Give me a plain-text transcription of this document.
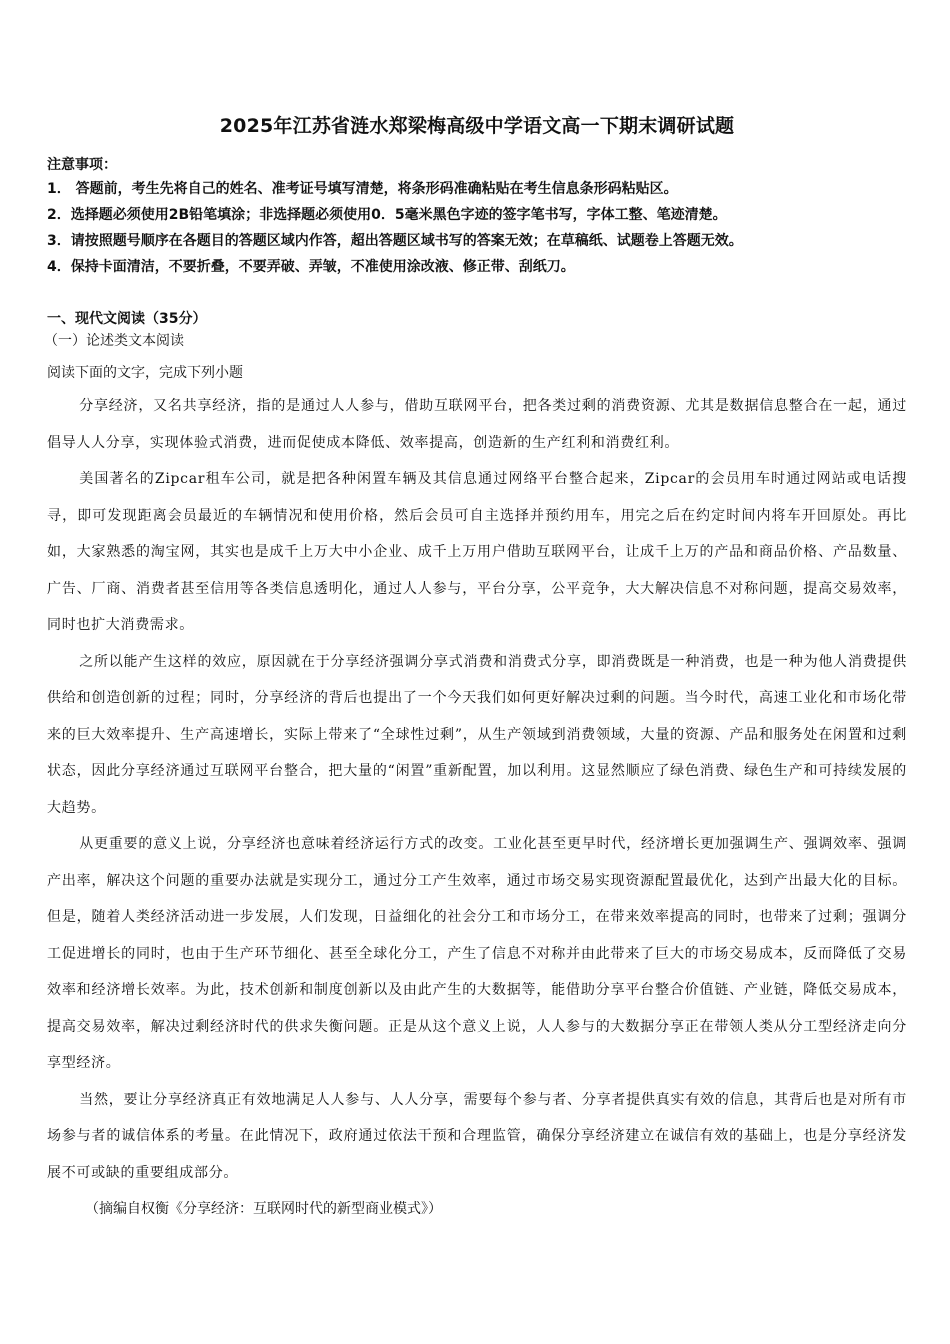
2025年江苏省涟水郑梁梅高级中学语文高一下期末调研试题

注意事项：

1． 答题前，考生先将自己的姓名、准考证号填写清楚，将条形码准确粘贴在考生信息条形码粘贴区。

2．选择题必须使用2B铅笔填涂；非选择题必须使用0．5毫米黑色字迹的签字笔书写，字体工整、笔迹清楚。

3．请按照题号顺序在各题目的答题区域内作答，超出答题区域书写的答案无效；在草稿纸、试题卷上答题无效。

4．保持卡面清洁，不要折叠，不要弄破、弄皱，不准使用涂改液、修正带、刮纸刀。

一、现代文阅读（35分）

（一）论述类文本阅读

阅读下面的文字，完成下列小题

分享经济，又名共享经济，指的是通过人人参与，借助互联网平台，把各类过剩的消费资源、尤其是数据信息整合在一起，通过倡导人人分享，实现体验式消费，进而促使成本降低、效率提高，创造新的生产红利和消费红利。

美国著名的Zipcar租车公司，就是把各种闲置车辆及其信息通过网络平台整合起来，Zipcar的会员用车时通过网站或电话搜寻，即可发现距离会员最近的车辆情况和使用价格，然后会员可自主选择并预约用车，用完之后在约定时间内将车开回原处。再比如，大家熟悉的淘宝网，其实也是成千上万大中小企业、成千上万用户借助互联网平台，让成千上万的产品和商品价格、产品数量、广告、厂商、消费者甚至信用等各类信息透明化，通过人人参与，平台分享，公平竞争，大大解决信息不对称问题，提高交易效率，同时也扩大消费需求。

之所以能产生这样的效应，原因就在于分享经济强调分享式消费和消费式分享，即消费既是一种消费，也是一种为他人消费提供供给和创造创新的过程；同时，分享经济的背后也提出了一个今天我们如何更好解决过剩的问题。当今时代，高速工业化和市场化带来的巨大效率提升、生产高速增长，实际上带来了“全球性过剩”，从生产领域到消费领域，大量的资源、产品和服务处在闲置和过剩状态，因此分享经济通过互联网平台整合，把大量的“闲置”重新配置，加以利用。这显然顺应了绿色消费、绿色生产和可持续发展的大趋势。

从更重要的意义上说，分享经济也意味着经济运行方式的改变。工业化甚至更早时代，经济增长更加强调生产、强调效率、强调产出率，解决这个问题的重要办法就是实现分工，通过分工产生效率，通过市场交易实现资源配置最优化，达到产出最大化的目标。但是，随着人类经济活动进一步发展，人们发现，日益细化的社会分工和市场分工，在带来效率提高的同时，也带来了过剩；强调分工促进增长的同时，也由于生产环节细化、甚至全球化分工，产生了信息不对称并由此带来了巨大的市场交易成本，反而降低了交易效率和经济增长效率。为此，技术创新和制度创新以及由此产生的大数据等，能借助分享平台整合价值链、产业链，降低交易成本，提高交易效率，解决过剩经济时代的供求失衡问题。正是从这个意义上说，人人参与的大数据分享正在带领人类从分工型经济走向分享型经济。

当然，要让分享经济真正有效地满足人人参与、人人分享，需要每个参与者、分享者提供真实有效的信息，其背后也是对所有市场参与者的诚信体系的考量。在此情况下，政府通过依法干预和合理监管，确保分享经济建立在诚信有效的基础上，也是分享经济发展不可或缺的重要组成部分。

（摘编自权衡《分享经济：互联网时代的新型商业模式》）
